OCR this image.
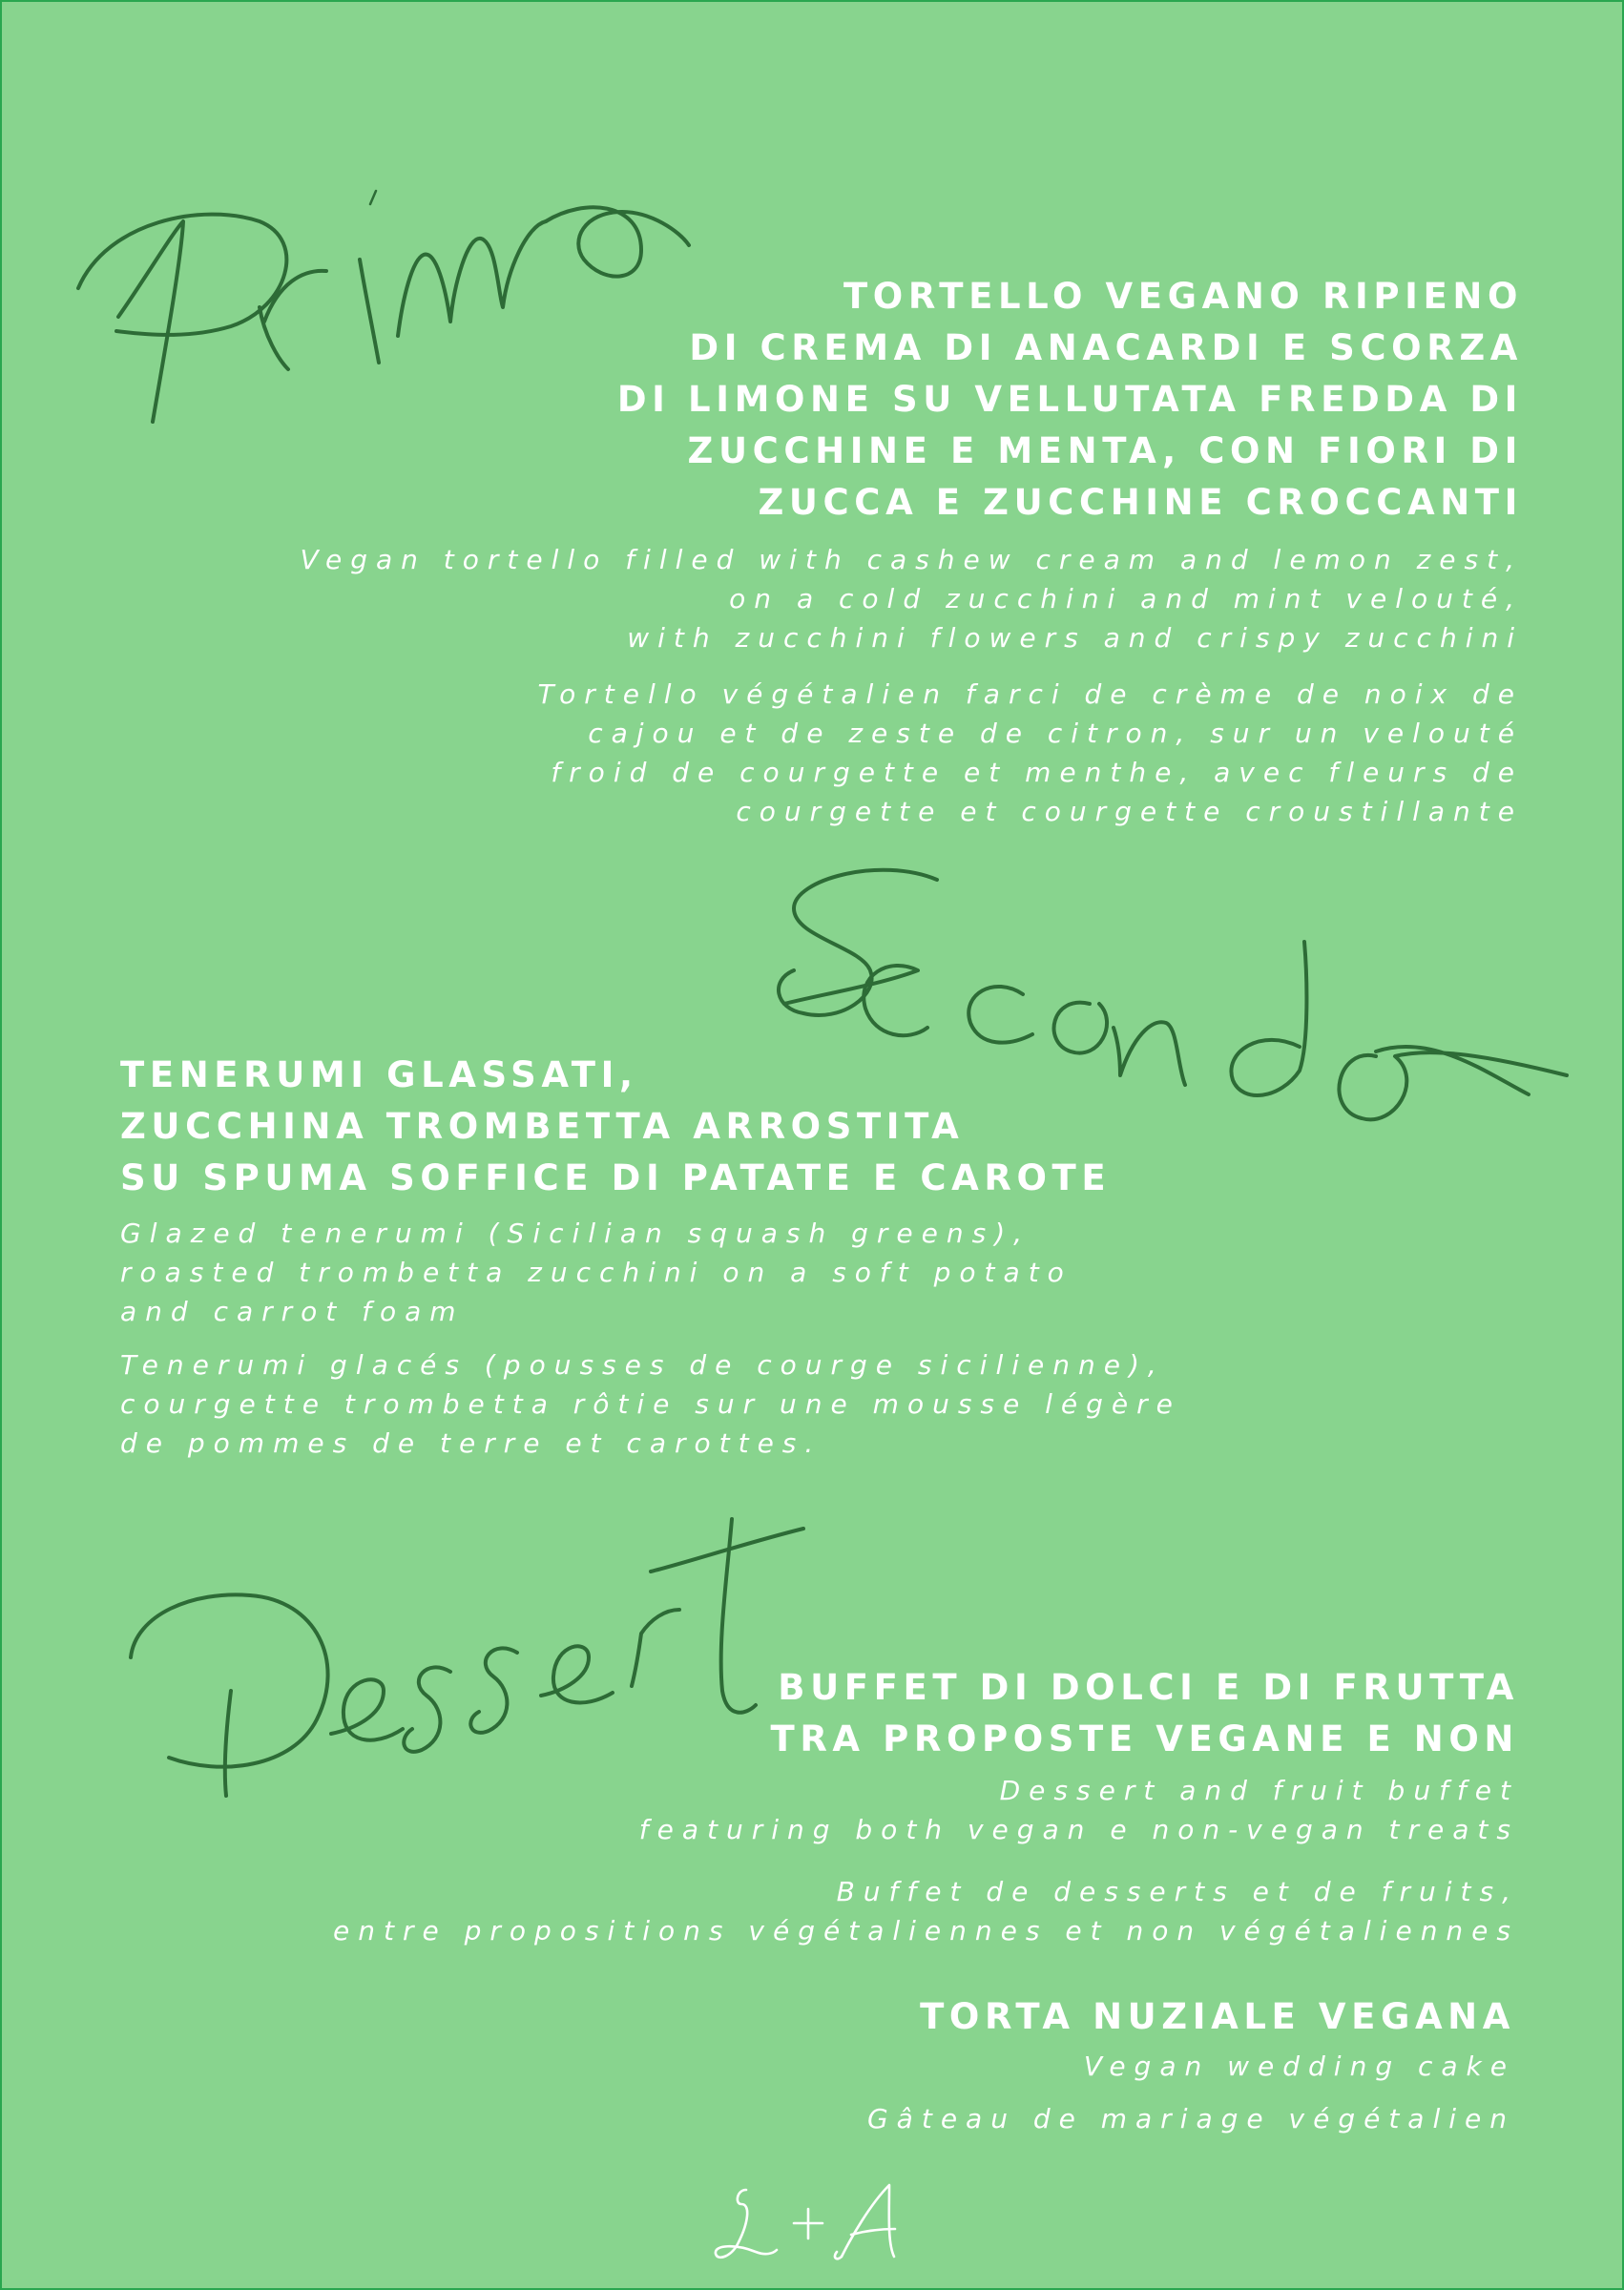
TORTELLO VEGANO RIPIENO
DI CREMA DI ANACARDI E SCORZA
DI LIMONE SU VELLUTATA FREDDA DI
ZUCCHINE E MENTA, CON FIORI DI
ZUCCA E ZUCCHINE CROCCANTI

Vegan tortello filled with cashew cream and lemon zest,
on a cold zucchini and mint velouté,
with zucchini flowers and crispy zucchini

Tortello végétalien farci de crème de noix de
cajou et de zeste de citron, sur un velouté
froid de courgette et menthe, avec fleurs de
courgette et courgette croustillante

TENERUMI GLASSATI,
ZUCCHINA TROMBETTA ARROSTITA
SU SPUMA SOFFICE DI PATATE E CAROTE

Glazed tenerumi (Sicilian squash greens),
roasted trombetta zucchini on a soft potato
and carrot foam

Tenerumi glacés (pousses de courge sicilienne),
courgette trombetta rôtie sur une mousse légère
de pommes de terre et carottes.

BUFFET DI DOLCI E DI FRUTTA
TRA PROPOSTE VEGANE E NON

Dessert and fruit buffet
featuring both vegan e non-vegan treats

Buffet de desserts et de fruits,
entre propositions végétaliennes et non végétaliennes

TORTA NUZIALE VEGANA

Vegan wedding cake

Gâteau de mariage végétalien
